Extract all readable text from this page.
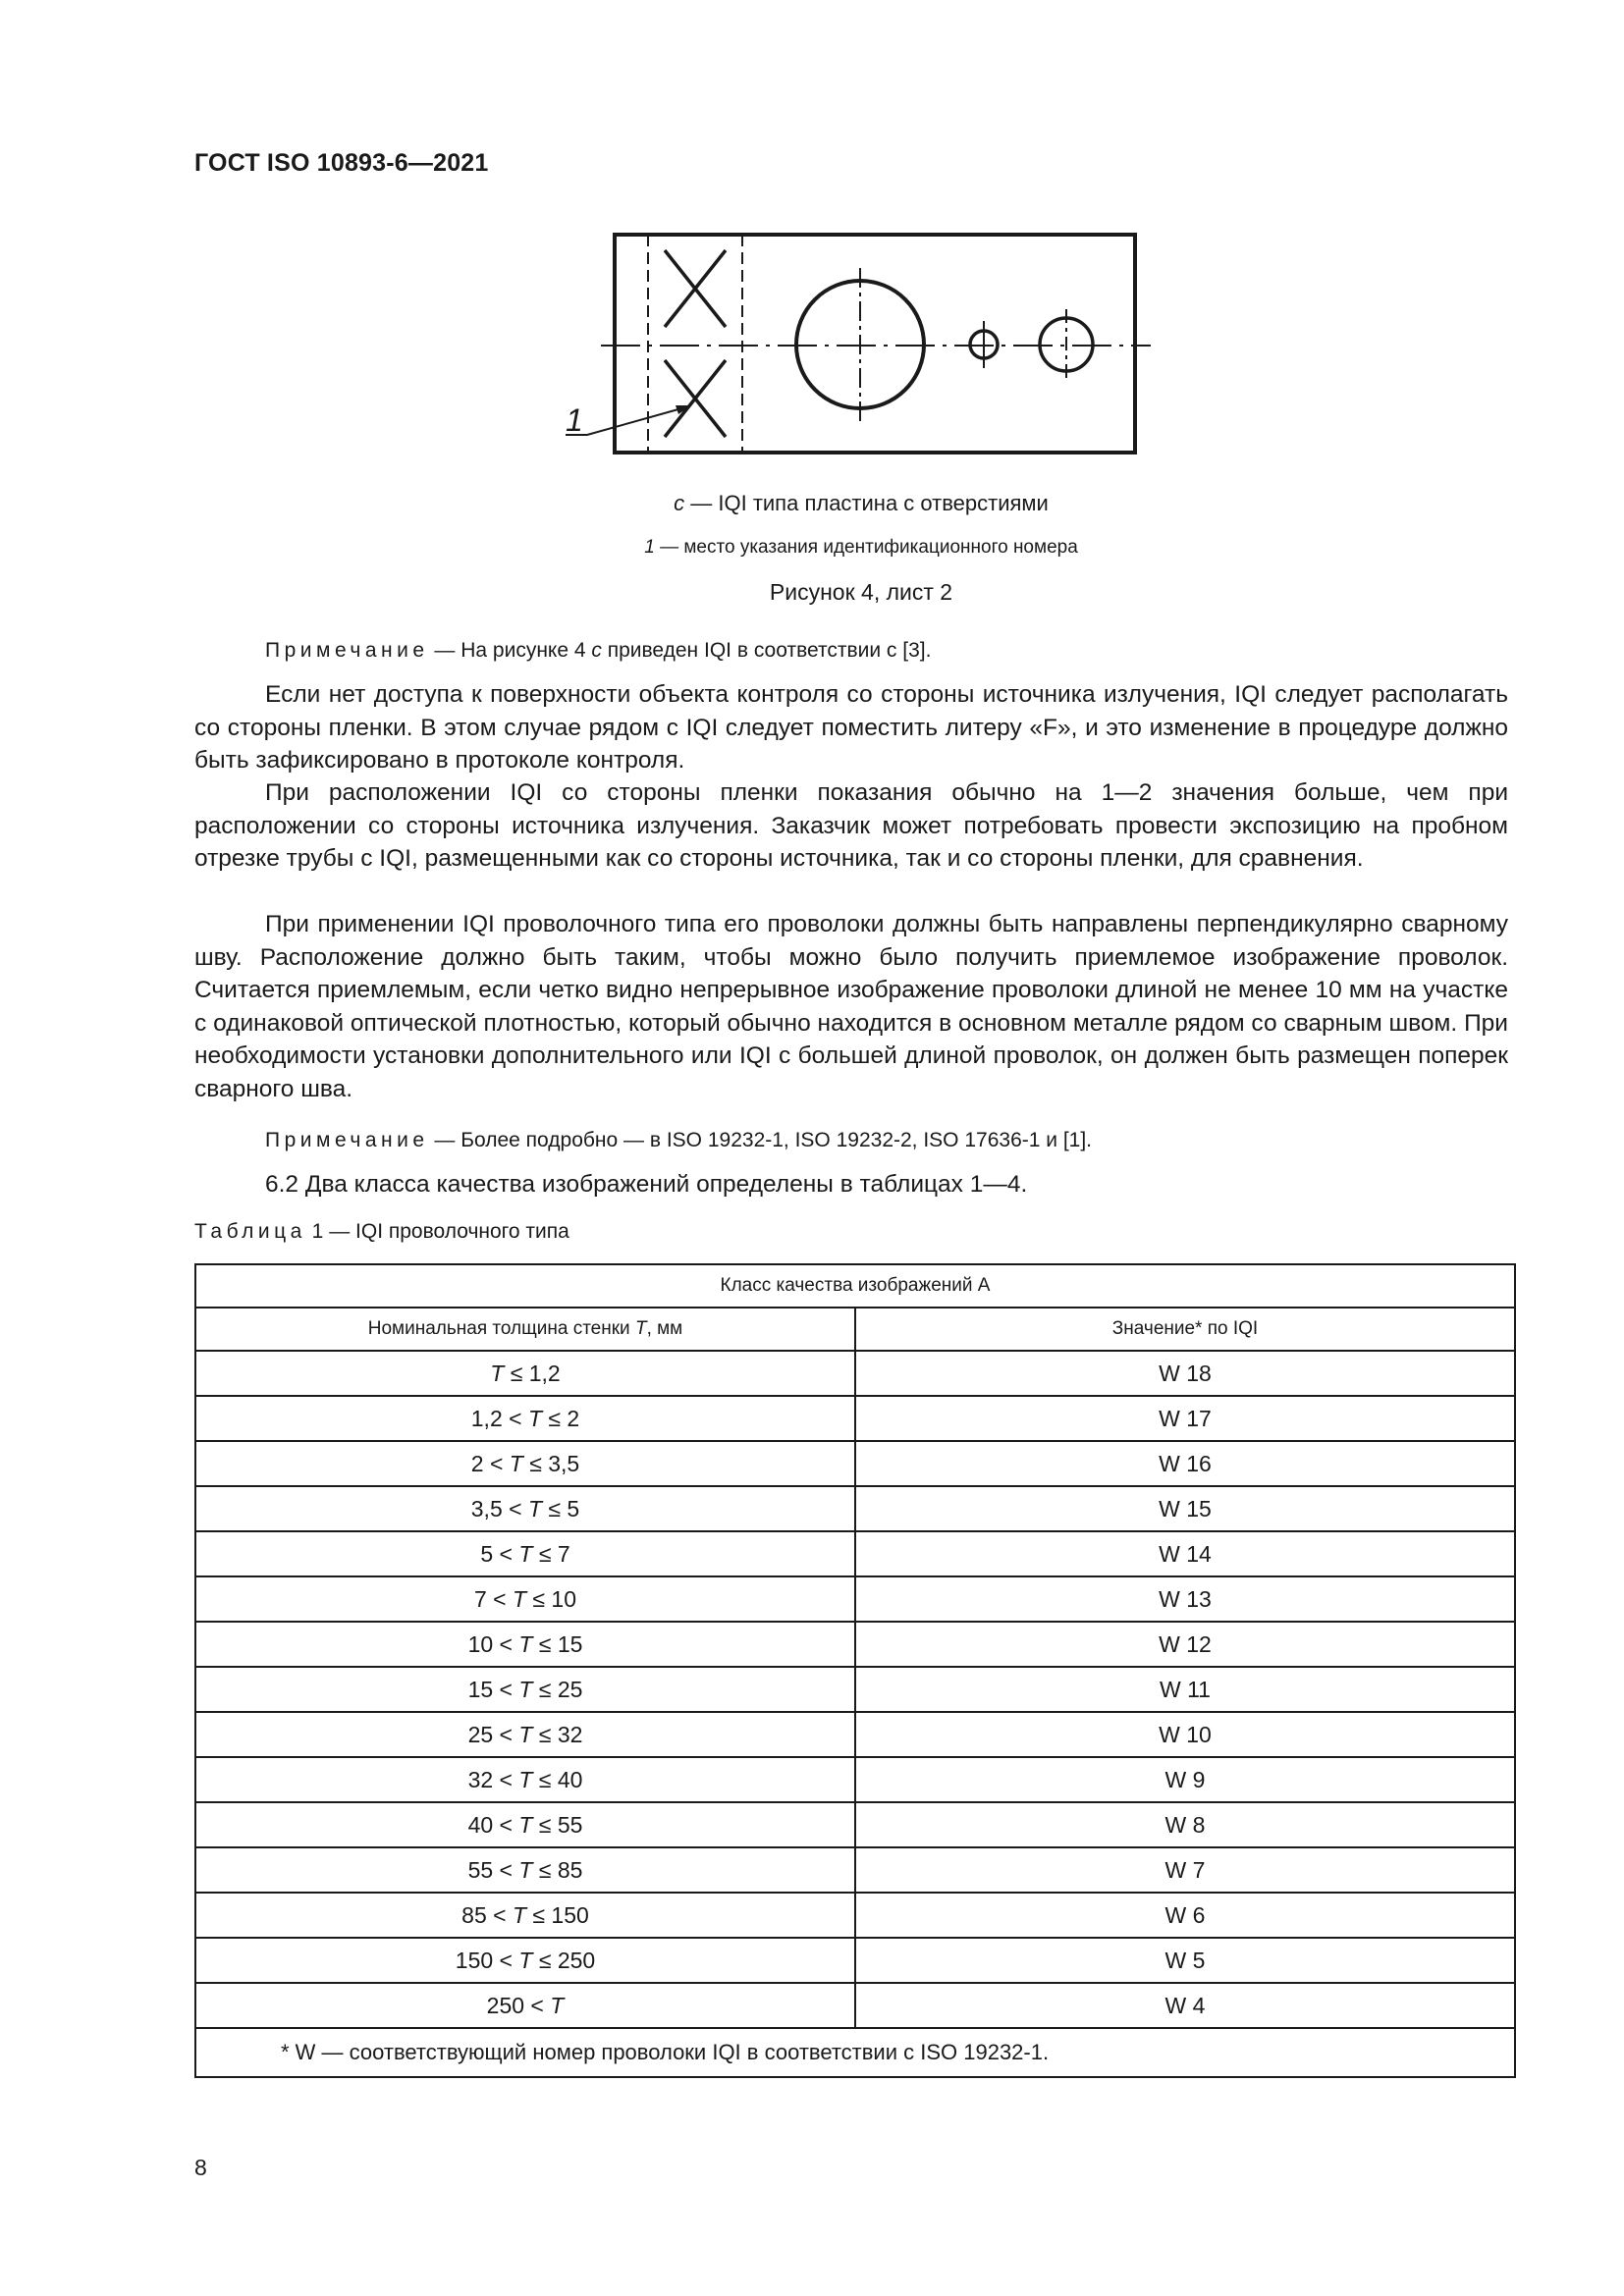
ГОСТ ISO 10893-6—2021
1
c — IQI типа пластина с отверстиями
1 — место указания идентификационного номера
Рисунок 4, лист 2
Примечание — На рисунке 4 c приведен IQI в соответствии с [3].
Если нет доступа к поверхности объекта контроля со стороны источника излучения, IQI следует располагать со стороны пленки. В этом случае рядом с IQI следует поместить литеру «F», и это изменение в процедуре должно быть зафиксировано в протоколе контроля.
При расположении IQI со стороны пленки показания обычно на 1—2 значения больше, чем при расположении со стороны источника излучения. Заказчик может потребовать провести экспозицию на пробном отрезке трубы с IQI, размещенными как со стороны источника, так и со стороны пленки, для сравнения.
При применении IQI проволочного типа его проволоки должны быть направлены перпендикулярно сварному шву. Расположение должно быть таким, чтобы можно было получить приемлемое изображение проволок. Считается приемлемым, если четко видно непрерывное изображение проволоки длиной не менее 10 мм на участке с одинаковой оптической плотностью, который обычно находится в основном металле рядом со сварным швом. При необходимости установки дополнительного или IQI с большей длиной проволок, он должен быть размещен поперек сварного шва.
Примечание — Более подробно — в ISO 19232-1, ISO 19232-2, ISO 17636-1 и [1].
6.2 Два класса качества изображений определены в таблицах 1—4.
Таблица 1 — IQI проволочного типа
Класс качества изображений А	
Номинальная толщина стенки T, мм	Значение* по IQI
T ≤ 1,2	W 18
1,2 < T ≤ 2	W 17
2 < T ≤ 3,5	W 16
3,5 < T ≤ 5	W 15
5 < T ≤ 7	W 14
7 < T ≤ 10	W 13
10 < T ≤ 15	W 12
15 < T ≤ 25	W 11
25 < T ≤ 32	W 10
32 < T ≤ 40	W 9
40 < T ≤ 55	W 8
55 < T ≤ 85	W 7
85 < T ≤ 150	W 6
150 < T ≤ 250	W 5
250 < T	W 4
* W — соответствующий номер проволоки IQI в соответствии с ISO 19232-1.	
8
